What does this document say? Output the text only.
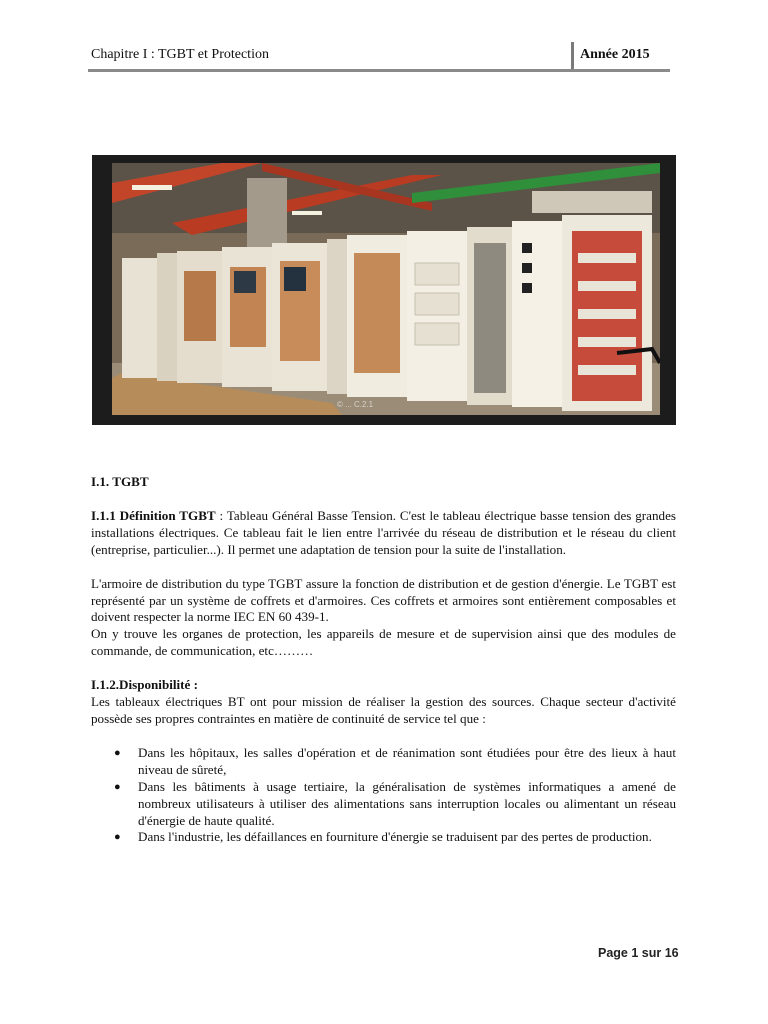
Chapitre I : TGBT et Protection	Année 2015
© ... C.2.1

I.1. TGBT

I.1.1 Définition TGBT : Tableau Général Basse Tension. C'est le tableau électrique basse tension des grandes installations électriques. Ce tableau fait le lien entre l'arrivée du réseau de distribution et le réseau du client (entreprise, particulier...). Il permet une adaptation de tension pour la suite de l'installation.

L'armoire de distribution du type TGBT assure la fonction de distribution et de gestion d'énergie. Le TGBT est représenté par un système de coffrets et d'armoires. Ces coffrets et armoires sont entièrement composables et doivent respecter la norme IEC EN 60 439-1.

On y trouve les organes de protection, les appareils de mesure et de supervision ainsi que des modules de commande, de communication, etc………

I.1.2.Disponibilité :

Les tableaux électriques BT ont pour mission de réaliser la gestion des sources. Chaque secteur d'activité possède ses propres contraintes en matière de continuité de service tel que :

● Dans les hôpitaux, les salles d'opération et de réanimation sont étudiées pour être des lieux à haut niveau de sûreté,
● Dans les bâtiments à usage tertiaire, la généralisation de systèmes informatiques a amené de nombreux utilisateurs à utiliser des alimentations sans interruption locales ou alimentant un réseau d'énergie de haute qualité.
● Dans l'industrie, les défaillances en fourniture d'énergie se traduisent par des pertes de production.
Page 1 sur 16
